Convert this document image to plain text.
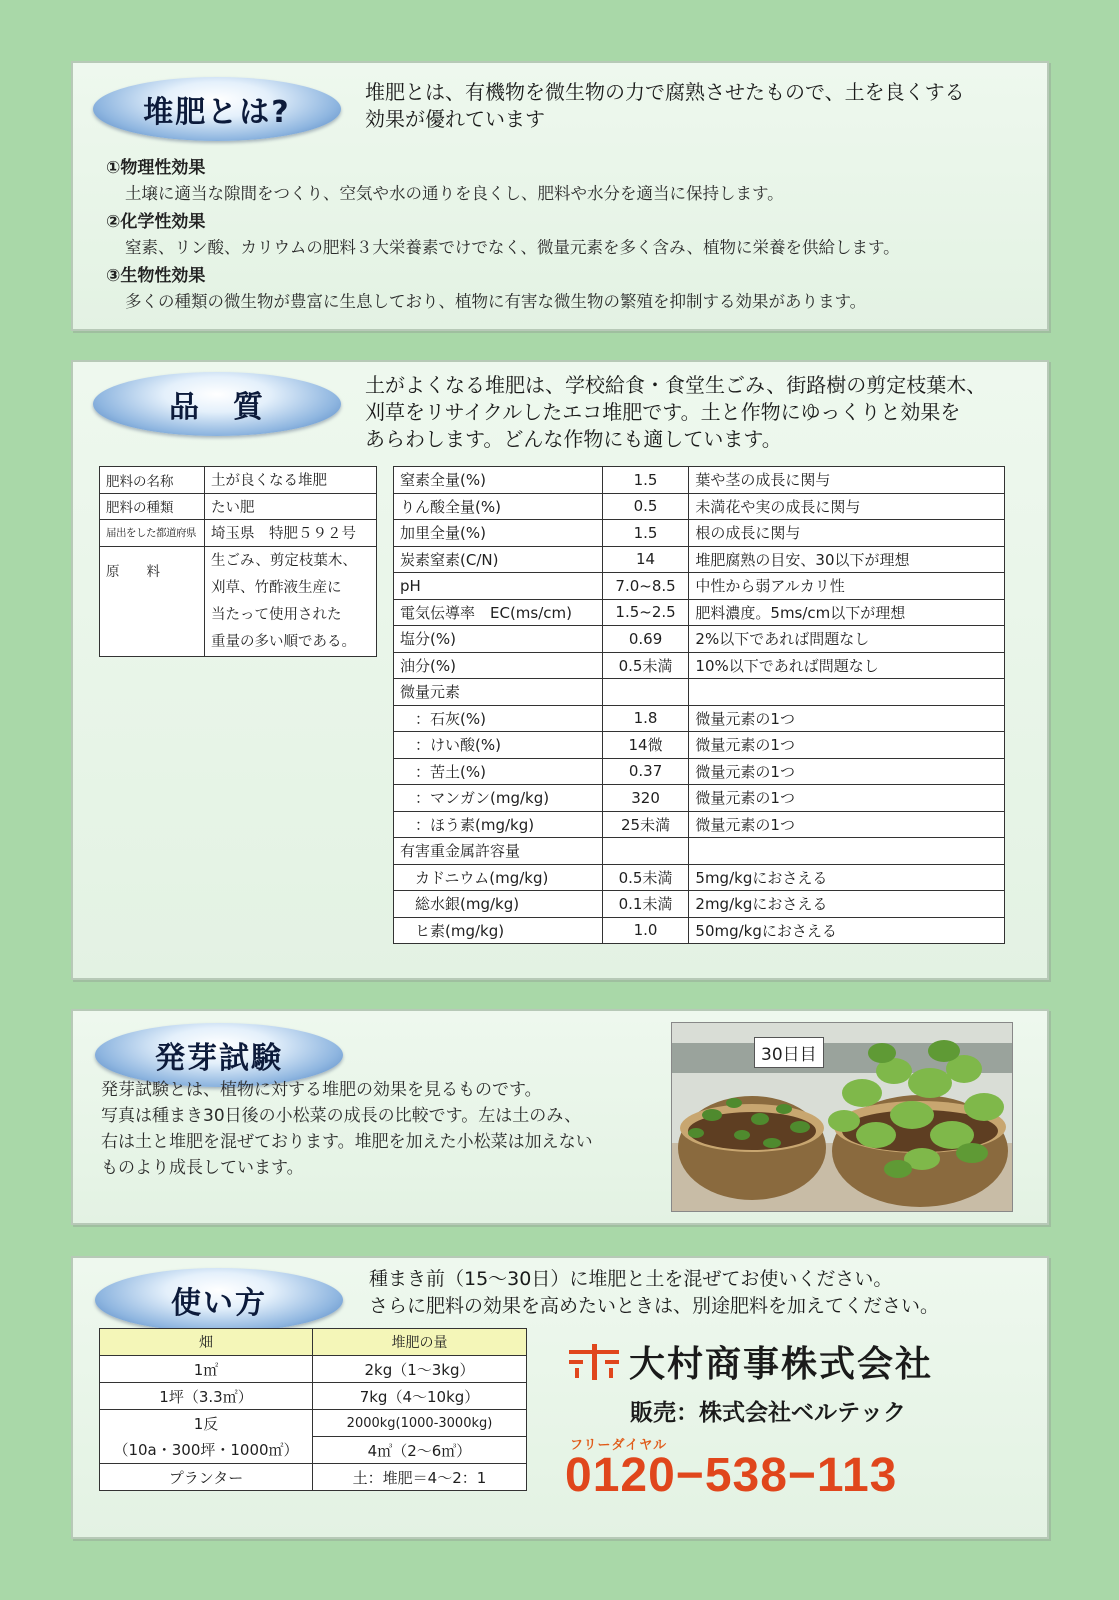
堆肥とは?
堆肥とは、有機物を微生物の力で腐熟させたもので、土を良くする
効果が優れています
①物理性効果
土壌に適当な隙間をつくり、空気や水の通りを良くし、肥料や水分を適当に保持します。
②化学性効果
窒素、リン酸、カリウムの肥料３大栄養素でけでなく、微量元素を多く含み、植物に栄養を供給します。
③生物性効果
多くの種類の微生物が豊富に生息しており、植物に有害な微生物の繁殖を抑制する効果があります。
品　質
土がよくなる堆肥は、学校給食・食堂生ごみ、街路樹の剪定枝葉木、
刈草をリサイクルしたエコ堆肥です。土と作物にゆっくりと効果を
あらわします。どんな作物にも適しています。
肥料の名称	土が良くなる堆肥
肥料の種類	たい肥
届出をした都道府県	埼玉県　特肥５９２号
原　　料	生ごみ、剪定枝葉木、
刈草、竹酢液生産に
当たって使用された
重量の多い順である。
窒素全量(%)	1.5	葉や茎の成長に関与
りん酸全量(%)	0.5	未満花や実の成長に関与
加里全量(%)	1.5	根の成長に関与
炭素窒素(C/N)	14	堆肥腐熟の目安、30以下が理想
pH	7.0~8.5	中性から弱アルカリ性
電気伝導率　EC(ms/cm)	1.5~2.5	肥料濃度。5ms/cm以下が理想
塩分(%)	0.69	2%以下であれば問題なし
油分(%)	0.5未満	10%以下であれば問題なし
微量元素		
　：石灰(%)	1.8	微量元素の1つ
　：けい酸(%)	14微	微量元素の1つ
　：苦土(%)	0.37	微量元素の1つ
　：マンガン(mg/kg)	320	微量元素の1つ
　：ほう素(mg/kg)	25未満	微量元素の1つ
有害重金属許容量		
　カドニウム(mg/kg)	0.5未満	5mg/kgにおさえる
　総水銀(mg/kg)	0.1未満	2mg/kgにおさえる
　ヒ素(mg/kg)	1.0	50mg/kgにおさえる
発芽試験
発芽試験とは、植物に対する堆肥の効果を見るものです。
写真は種まき30日後の小松菜の成長の比較です。左は土のみ、
右は土と堆肥を混ぜております。堆肥を加えた小松菜は加えない
ものより成長しています。
30日目
使い方
種まき前（15～30日）に堆肥と土を混ぜてお使いください。
さらに肥料の効果を高めたいときは、別途肥料を加えてください。
畑	堆肥の量
1㎡	2kg（1～3kg）
1坪（3.3㎡）	7kg（4～10kg）
1反	2000kg(1000-3000kg)
（10a・300坪・1000㎡）	4㎥（2～6㎥）
プランター	土：堆肥＝4～2：1
大村商事株式会社
販売：株式会社ベルテック
フリーダイヤル
0120−538−113
